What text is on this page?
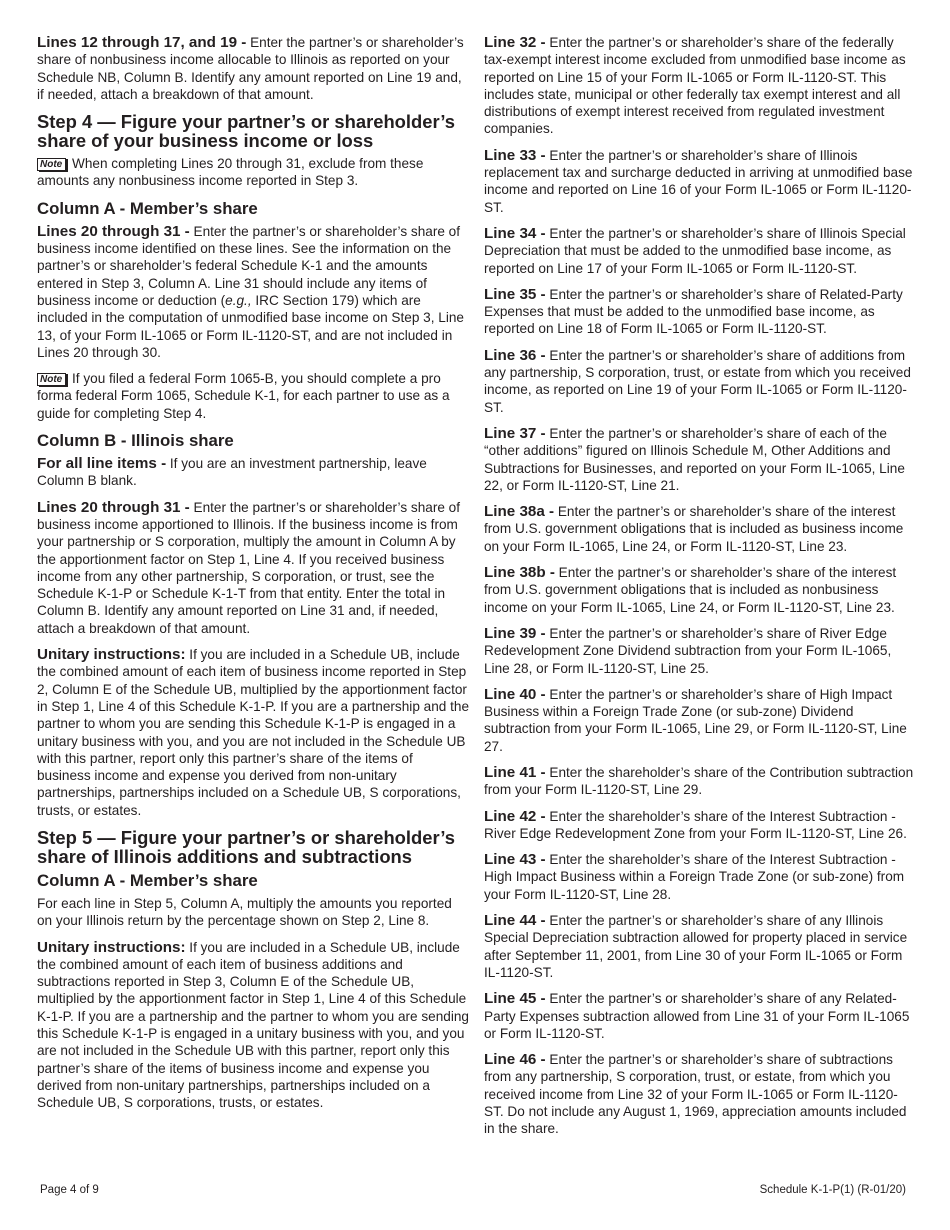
Lines 12 through 17, and 19 - Enter the partner’s or shareholder’s share of nonbusiness income allocable to Illinois as reported on your Schedule NB, Column B. Identify any amount reported on Line 19 and, if needed, attach a breakdown of that amount.

Step 4 — Figure your partner’s or shareholder’s share of your business income or loss

Note When completing Lines 20 through 31, exclude from these amounts any nonbusiness income reported in Step 3.

Column A - Member’s share

Lines 20 through 31 - Enter the partner’s or shareholder’s share of business income identified on these lines. See the information on the partner’s or shareholder’s federal Schedule K-1 and the amounts entered in Step 3, Column A. Line 31 should include any items of business income or deduction (e.g., IRC Section 179) which are included in the computation of unmodified base income on Step 3, Line 13, of your Form IL-1065 or Form IL-1120-ST, and are not included in Lines 20 through 30.

Note If you filed a federal Form 1065-B, you should complete a pro forma federal Form 1065, Schedule K-1, for each partner to use as a guide for completing Step 4.

Column B - Illinois share

For all line items - If you are an investment partnership, leave Column B blank.

Lines 20 through 31 - Enter the partner’s or shareholder’s share of business income apportioned to Illinois. If the business income is from your partnership or S corporation, multiply the amount in Column A by the apportionment factor on Step 1, Line 4. If you received business income from any other partnership, S corporation, or trust, see the Schedule K-1-P or Schedule K-1-T from that entity. Enter the total in Column B. Identify any amount reported on Line 31 and, if needed, attach a breakdown of that amount.

Unitary instructions: If you are included in a Schedule UB, include the combined amount of each item of business income reported in Step 2, Column E of the Schedule UB, multiplied by the apportionment factor in Step 1, Line 4 of this Schedule K-1-P. If you are a partnership and the partner to whom you are sending this Schedule K-1-P is engaged in a unitary business with you, and you are not included in the Schedule UB with this partner, report only this partner’s share of the items of business income and expense you derived from non-unitary partnerships, partnerships included on a Schedule UB, S corporations, trusts, or estates.

Step 5 — Figure your partner’s or shareholder’s share of Illinois additions and subtractions
Column A - Member’s share

For each line in Step 5, Column A, multiply the amounts you reported on your Illinois return by the percentage shown on Step 2, Line 8.

Unitary instructions: If you are included in a Schedule UB, include the combined amount of each item of business additions and subtractions reported in Step 3, Column E of the Schedule UB, multiplied by the apportionment factor in Step 1, Line 4 of this Schedule K-1-P. If you are a partnership and the partner to whom you are sending this Schedule K-1-P is engaged in a unitary business with you, and you are not included in the Schedule UB with this partner, report only this partner’s share of the items of business income and expense you derived from non-unitary partnerships, partnerships included on a Schedule UB, S corporations, trusts, or estates.

Line 32 - Enter the partner’s or shareholder’s share of the federally tax-exempt interest income excluded from unmodified base income as reported on Line 15 of your Form IL-1065 or Form IL-1120-ST. This includes state, municipal or other federally tax exempt interest and all distributions of exempt interest received from regulated investment companies.

Line 33 - Enter the partner’s or shareholder’s share of Illinois replacement tax and surcharge deducted in arriving at unmodified base income and reported on Line 16 of your Form IL-1065 or Form IL-1120-ST.

Line 34 - Enter the partner’s or shareholder’s share of Illinois Special Depreciation that must be added to the unmodified base income, as reported on Line 17 of your Form IL-1065 or Form IL-1120-ST.

Line 35 - Enter the partner’s or shareholder’s share of Related-Party Expenses that must be added to the unmodified base income, as reported on Line 18 of Form IL-1065 or Form IL-1120-ST.

Line 36 - Enter the partner’s or shareholder’s share of additions from any partnership, S corporation, trust, or estate from which you received income, as reported on Line 19 of your Form IL-1065 or Form IL-1120-ST.

Line 37 - Enter the partner’s or shareholder’s share of each of the “other additions” figured on Illinois Schedule M, Other Additions and Subtractions for Businesses, and reported on your Form IL-1065, Line 22, or Form IL-1120-ST, Line 21.

Line 38a - Enter the partner’s or shareholder’s share of the interest from U.S. government obligations that is included as business income on your Form IL-1065, Line 24, or Form IL-1120-ST, Line 23.

Line 38b - Enter the partner’s or shareholder’s share of the interest from U.S. government obligations that is included as nonbusiness income on your Form IL-1065, Line 24, or Form IL-1120-ST, Line 23.

Line 39 - Enter the partner’s or shareholder’s share of River Edge Redevelopment Zone Dividend subtraction from your Form IL-1065, Line 28, or Form IL-1120-ST, Line 25.

Line 40 - Enter the partner’s or shareholder’s share of High Impact Business within a Foreign Trade Zone (or sub-zone) Dividend subtraction from your Form IL-1065, Line 29, or Form IL-1120-ST, Line 27.

Line 41 - Enter the shareholder’s share of the Contribution subtraction from your Form IL-1120-ST, Line 29.

Line 42 - Enter the shareholder’s share of the Interest Subtraction - River Edge Redevelopment Zone from your Form IL-1120-ST, Line 26.

Line 43 - Enter the shareholder’s share of the Interest Subtraction - High Impact Business within a Foreign Trade Zone (or sub-zone) from your Form IL-1120-ST, Line 28.

Line 44 - Enter the partner’s or shareholder’s share of any Illinois Special Depreciation subtraction allowed for property placed in service after September 11, 2001, from Line 30 of your Form IL-1065 or Form IL-1120-ST.

Line 45 - Enter the partner’s or shareholder’s share of any Related-Party Expenses subtraction allowed from Line 31 of your Form IL-1065 or Form IL-1120-ST.

Line 46 - Enter the partner’s or shareholder’s share of subtractions from any partnership, S corporation, trust, or estate, from which you received income from Line 32 of your Form IL-1065 or Form IL-1120-ST. Do not include any August 1, 1969, appreciation amounts included in the share.

Page 4 of 9	Schedule K-1-P(1) (R-01/20)
